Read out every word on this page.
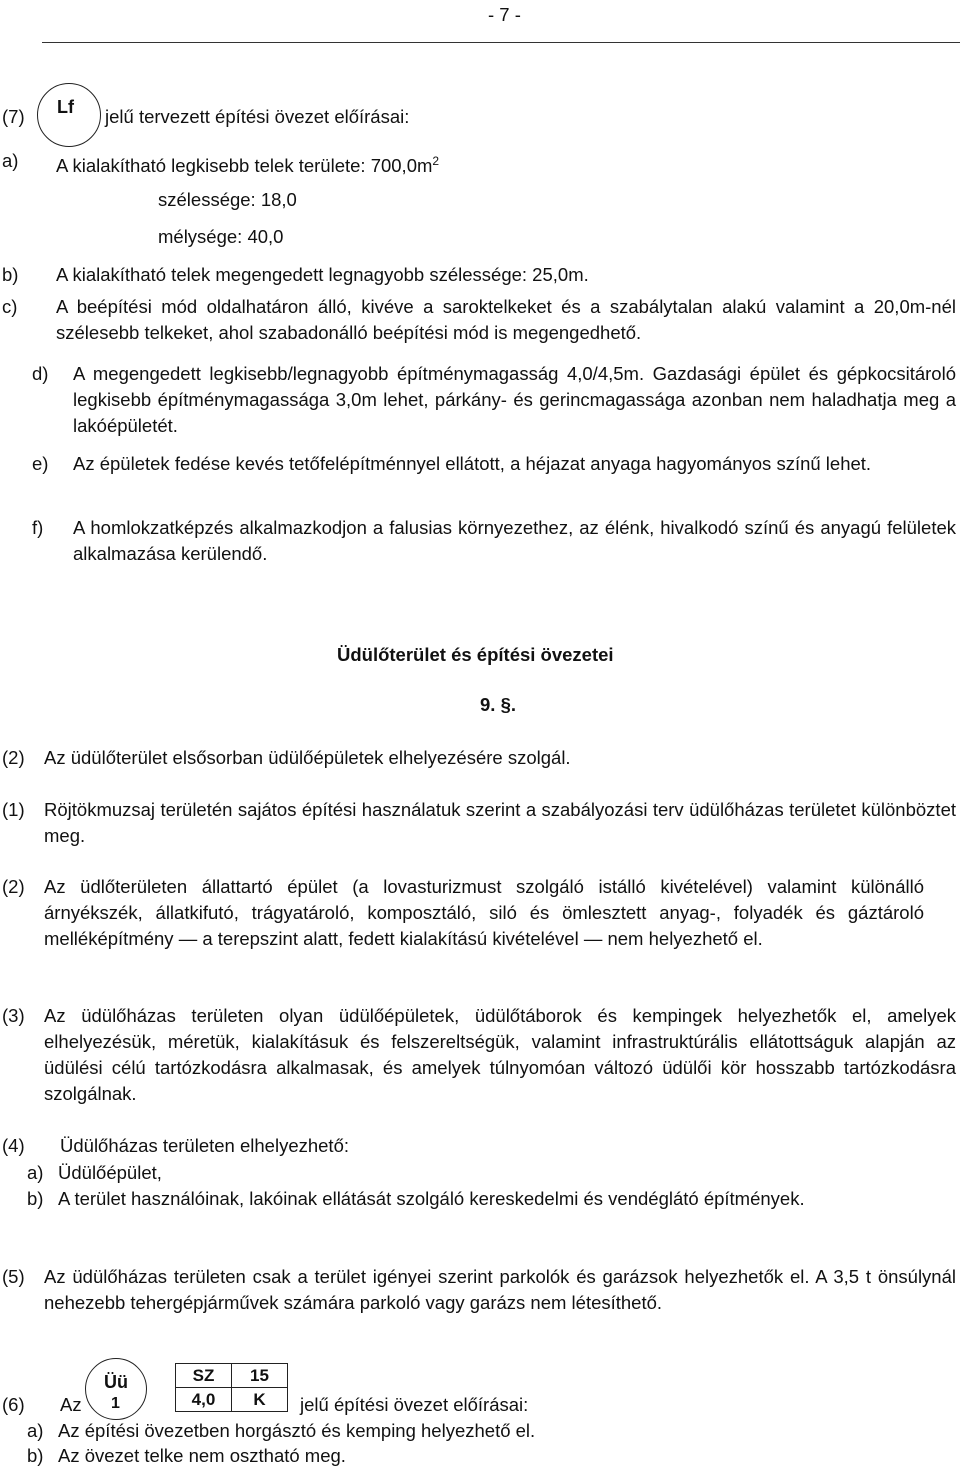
- 7 -
(7) Lf jelű tervezett építési övezet előírásai:
a) A kialakítható legkisebb telek területe: $700,0m^2$
szélessége: 18,0
mélysége: 40,0
b) A kialakítható telek megengedett legnagyobb szélessége: 25,0m.
c) A beépítési mód oldalhatáron álló, kivéve a saroktelkeket és a szabálytalan alakú valamint a 20,0m-nél szélesebb telkeket, ahol szabadonálló beépítési mód is megengedhető.
d) A megengedett legkisebb/legnagyobb építménymagasság 4,0/4,5m. Gazdasági épület és gépkocsitároló legkisebb építménymagassága 3,0m lehet, párkány- és gerincmagassága azonban nem haladhatja meg a lakóépületét.
e) Az épületek fedése kevés tetőfelépítménnyel ellátott, a héjazat anyaga hagyományos színű lehet.
f) A homlokzatképzés alkalmazkodjon a falusias környezethez, az élénk, hivalkodó színű és anyagú felületek alkalmazása kerülendő.
Üdülőterület és építési övezetei
9. §.
(2) Az üdülőterület elsősorban üdülőépületek elhelyezésére szolgál.
(1) Röjtökmuzsaj területén sajátos építési használatuk szerint a szabályozási terv üdülőházas területet különböztet meg.
(2) Az üdlőterületen állattartó épület (a lovasturizmust szolgáló istálló kivételével) valamint különálló árnyékszék, állatkifutó, trágyatároló, komposztáló, siló és ömlesztett anyag-, folyadék és gáztároló melléképítmény — a terepszint alatt, fedett kialakítású kivételével — nem helyezhető el.
(3) Az üdülőházas területen olyan üdülőépületek, üdülőtáborok és kempingek helyezhetők el, amelyek elhelyezésük, méretük, kialakításuk és felszereltségük, valamint infrastruktúrális ellátottságuk alapján az üdülési célú tartózkodásra alkalmasak, és amelyek túlnyomóan változó üdülői kör hosszabb tartózkodásra szolgálnak.
(4) Üdülőházas területen elhelyezhető:
a) Üdülőépület,
b) A terület használóinak, lakóinak ellátását szolgáló kereskedelmi és vendéglátó építmények.
(5) Az üdülőházas területen csak a terület igényei szerint parkolók és garázsok helyezhetők el. A 3,5 t önsúlynál nehezebb tehergépjárművek számára parkoló vagy garázs nem létesíthető.
(6) Az
Üü
1
SZ	15
4,0	K jelű építési övezet előírásai:
a) Az építési övezetben horgásztó és kemping helyezhető el.
b) Az övezet telke nem osztható meg.
